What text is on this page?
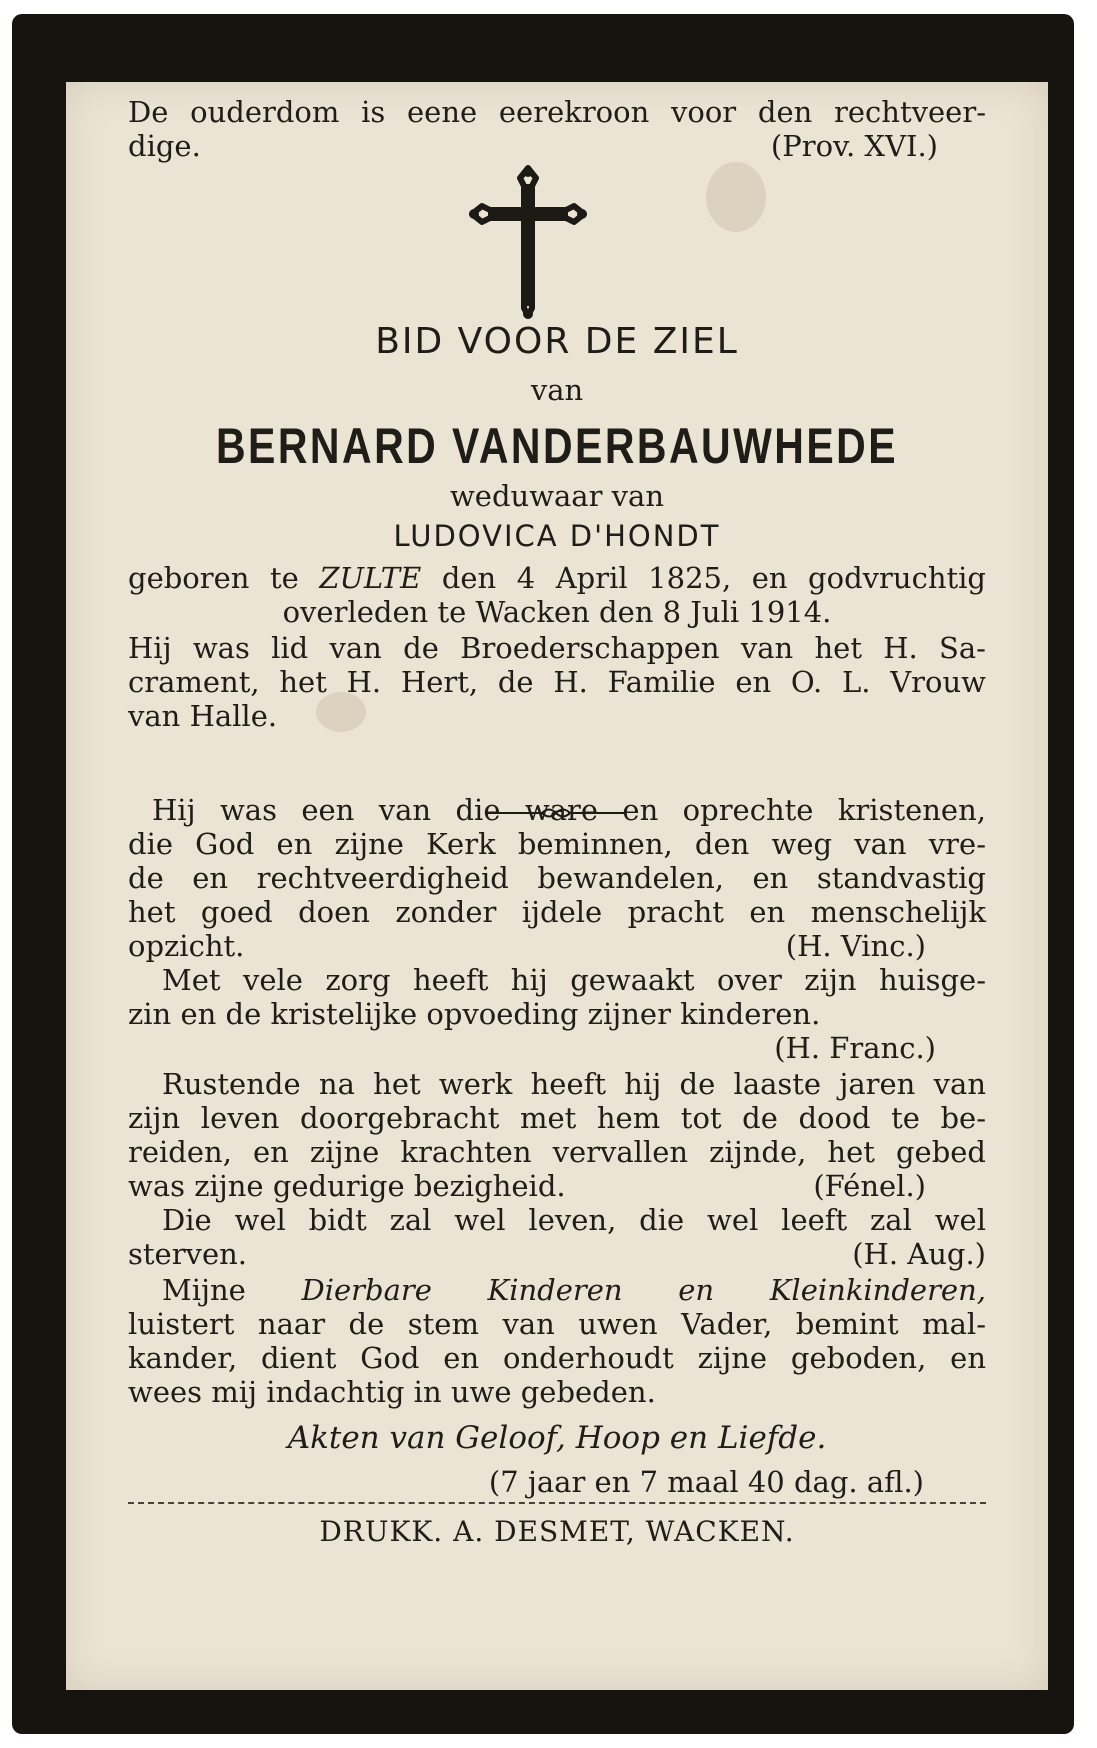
De ouderdom is eene eerekroon voor den rechtveer-
dige.	(Prov. XVI.)
BID VOOR DE ZIEL
van
BERNARD VANDERBAUWHEDE
weduwaar van
LUDOVICA D'HONDT
geboren te ZULTE den 4 April 1825, en godvruchtig
overleden te Wacken den 8 Juli 1914.
Hij was lid van de Broederschappen van het H. Sa-
crament, het H. Hert, de H. Familie en O. L. Vrouw
van Halle.
Hij was een van die ware en oprechte kristenen,
die God en zijne Kerk beminnen, den weg van vre-
de en rechtveerdigheid bewandelen, en standvastig
het goed doen zonder ijdele pracht en menschelijk
opzicht.	(H. Vinc.)
Met vele zorg heeft hij gewaakt over zijn huisge-
zin en de kristelijke opvoeding zijner kinderen.
(H. Franc.)
Rustende na het werk heeft hij de laaste jaren van
zijn leven doorgebracht met hem tot de dood te be-
reiden, en zijne krachten vervallen zijnde, het gebed
was zijne gedurige bezigheid.	(Fénel.)
Die wel bidt zal wel leven, die wel leeft zal wel
sterven.	(H. Aug.)
Mijne Dierbare Kinderen en Kleinkinderen,
luistert naar de stem van uwen Vader, bemint mal-
kander, dient God en onderhoudt zijne geboden, en
wees mij indachtig in uwe gebeden.
Akten van Geloof, Hoop en Liefde.
(7 jaar en 7 maal 40 dag. afl.)
DRUKK. A. DESMET, WACKEN.
